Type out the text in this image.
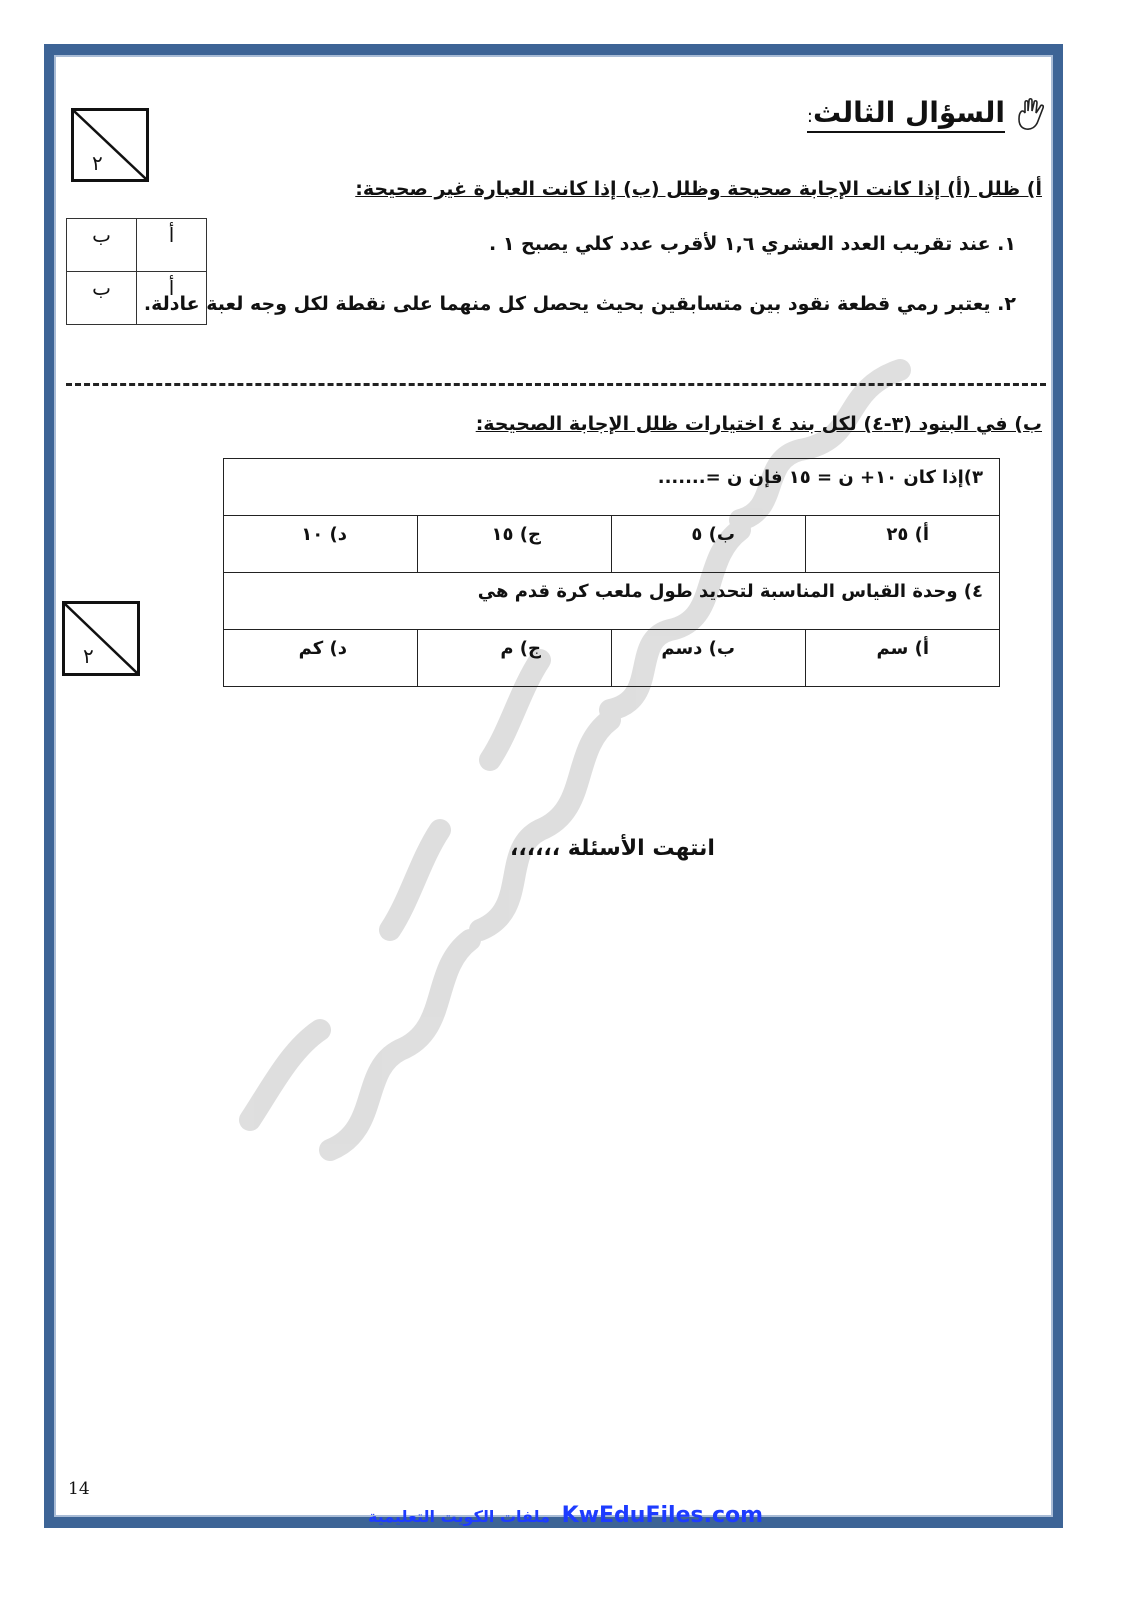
السؤال الثالث:
٢
أ) ظلل (أ) إذا كانت الإجابة صحيحة وظلل (ب) إذا كانت العبارة غير صحيحة:
١. عند تقريب العدد العشري ١,٦ لأقرب عدد كلي يصبح ١ .
٢. يعتبر رمي قطعة نقود بين متسابقين بحيث يحصل كل منهما على نقطة لكل وجه لعبة عادلة.
ب	أ
ب	أ
ب) في البنود (٣-٤) لكل بند ٤ اختيارات ظلل الإجابة الصحيحة:
٣)إذا كان ١٠+ ن = ١٥ فإن ن =.......			
أ) ٢٥	ب) ٥	ج) ١٥	د) ١٠
٤) وحدة القياس المناسبة لتحديد طول ملعب كرة قدم هي			
أ) سم	ب) دسم	ج) م	د) كم
٢
انتهت الأسئلة ،،،،،،
14
ملفات الكويت التعليمية KwEduFiles.com
